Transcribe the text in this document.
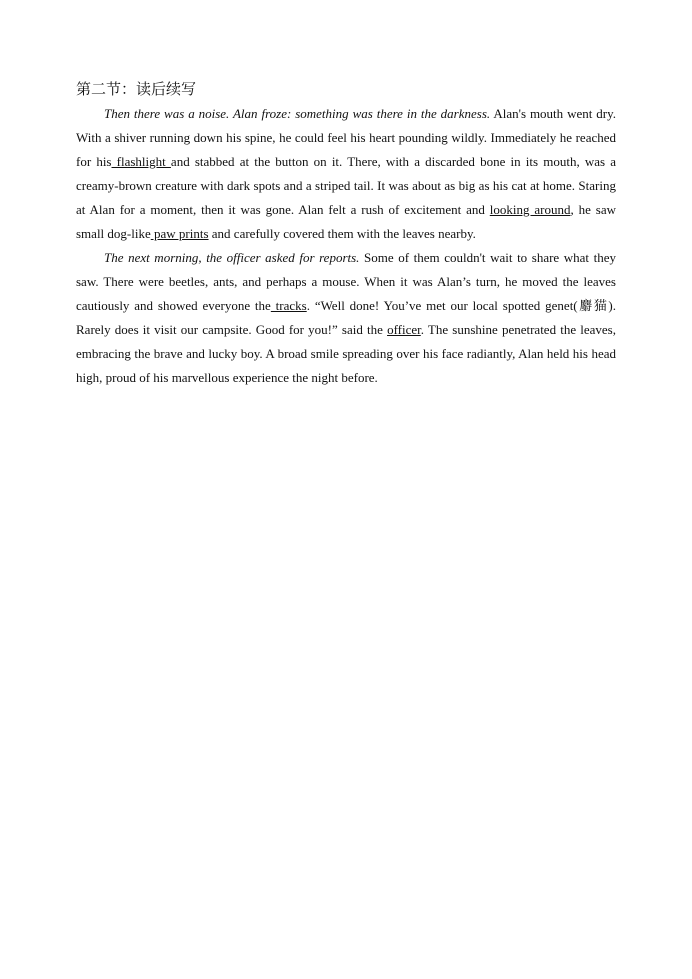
第二节：读后续写

Then there was a noise. Alan froze: something was there in the darkness. Alan's mouth went dry. With a shiver running down his spine, he could feel his heart pounding wildly. Immediately he reached for his flashlight and stabbed at the button on it. There, with a discarded bone in its mouth, was a creamy-brown creature with dark spots and a striped tail. It was about as big as his cat at home. Staring at Alan for a moment, then it was gone. Alan felt a rush of excitement and looking around, he saw small dog-like paw prints and carefully covered them with the leaves nearby.

The next morning, the officer asked for reports. Some of them couldn't wait to share what they saw. There were beetles, ants, and perhaps a mouse. When it was Alan’s turn, he moved the leaves cautiously and showed everyone the tracks. “Well done! You’ve met our local spotted genet(麝猫). Rarely does it visit our campsite. Good for you!” said the officer. The sunshine penetrated the leaves, embracing the brave and lucky boy. A broad smile spreading over his face radiantly, Alan held his head high, proud of his marvellous experience the night before.
